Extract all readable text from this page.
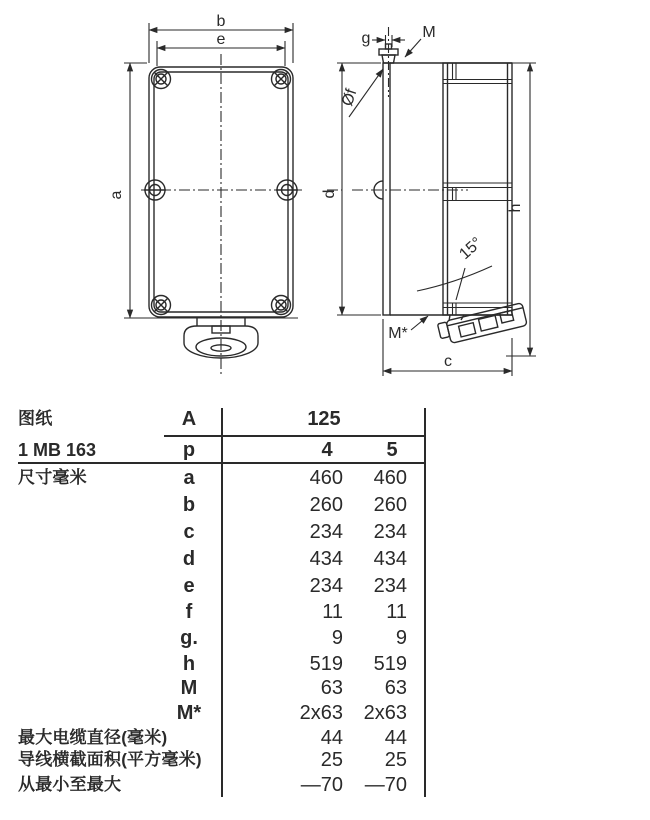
b
e
a
g	M
Øf
d
h
15°
M*
c
图纸	A	125
1 MB 163	p	4	5
尺寸毫米	a	460	460
b	260	260
c	234	234
d	434	434
e	234	234
f	11	11
g.	9	9
h	519	519
M	63	63
M*	2x63	2x63
最大电缆直径(毫米)	44	44
导线横截面积(平方毫米)	25	25
从最小至最大	—70	—70
